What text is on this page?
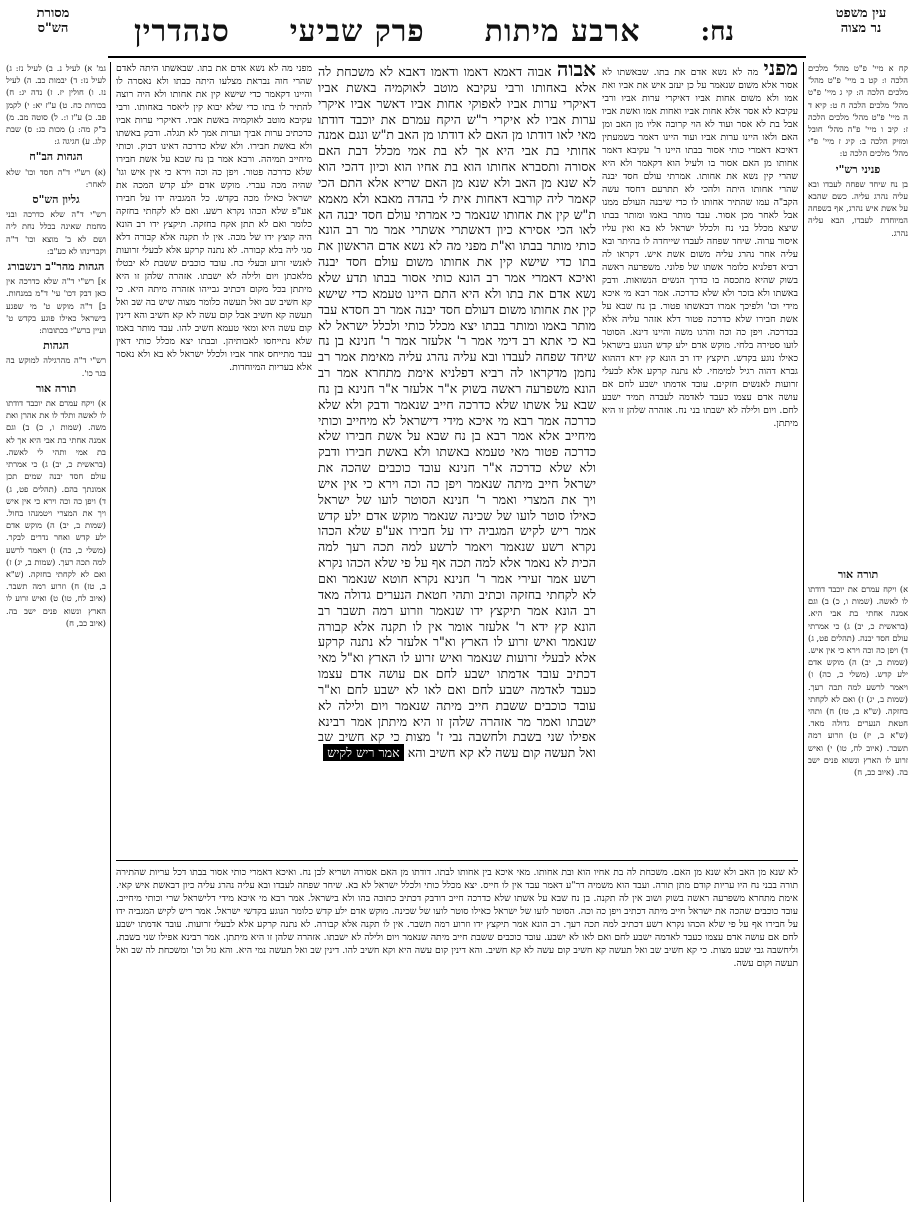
עין משפט
נר מצוה
מסורת
הש"ס	נח:
ארבע מיתות
פרק שביעי
סנהדרין
קח א מיי' פ"ט מהל' מלכים הלכה ו: קט ב מיי' פ"ט מהל' מלכים הלכה ה: קי ג מיי' פ"ט מהל' מלכים הלכה ח ט: קיא ד ה מיי' פ"ט מהל' מלכים הלכה ז: קיב ו מיי' פ"ה מהל' חובל ומזיק הלכה ב: קיג ז מיי' פ"י מהל' מלכים הלכה ט:
פניני רש"י
בן נח שיחד שפחה לעבדו ובא עליה נהרג עליה. כשם שהבא על אשת איש נהרג, אף בשפחה המיוחדת לעבדו, הבא עליה נהרג.
תורה אור
א) ויקח עמרם את יוכבד דודתו לו לאשה. (שמות ו, כ) ב) וגם אמנה אחתי בת אבי היא. (בראשית כ, יב) ג) כי אמרתי עולם חסד יבנה. (תהלים פט, ג) ד) ויפן כה וכה וירא כי אין איש. (שמות ב, יב) ה) מוקש אדם ילע קדש. (משלי כ, כה) ו) ויאמר לרשע למה תכה רעך. (שמות ב, יג) ז) ואם לא לקחתי בחזקה. (ש"א ב, טז) ח) ותהי חטאת הנערים גדולה מאד. (ש"א ב, יז) ט) וזרוע רמה תשבר. (איוב לח, טו) י) ואיש זרוע לו הארץ ונשוא פנים ישב בה. (איוב כב, ח)
גמ' א) לעיל נ. ב) לעיל נז: ג) לעיל נז: ד) יבמות כב. ה) לעיל נז. ו) חולין יז. ז) נדה יג: ח) בכורות כח. ט) ע"ז יא: י) לקמן פב. כ) ע"ז ו:. ל) סוטה מב. מ) ב"ק מה: נ) מכות כג: ס) שבת קלג. ע) חגיגה ג:
הגהות הב"ח
(א) רש"י ד"ה חסד וכו' שלא לאחר:
גליון הש"ס
רש"י ד"ה שלא כדרכה ובני מחמת שאינה בכלל נחת ליה ושם לא ב' מוצא וכו' ד"ה וקברינהו לא כע"ב:
הגהות מהר"ב רנשבורג
א] רש"י ד"ה שלא כדרכה אין כאן דבק דכו' עי' ד"מ במנחות. ב] ד"ה מוקש ט' מי שפגע בישראל כאילו פוגע בקדש ט' ועיין ברש"י בכתובות:
הגהות
רש"י ד"ה מהרגילה למוקש בה בגר כו'.
תורה אור
א) ויקח עמרם את יוכבד דודתו לו לאשה ותלד לו את אהרן ואת משה. (שמות ו, כ) ב) וגם אמנה אחתי בת אבי היא אך לא בת אמי ותהי לי לאשה. (בראשית כ, יב) ג) כי אמרתי עולם חסד יבנה שמים תכן אמונתך בהם. (תהלים פט, ג) ד) ויפן כה וכה וירא כי אין איש ויך את המצרי ויטמנהו בחול. (שמות ב, יב) ה) מוקש אדם ילע קדש ואחר נדרים לבקר. (משלי כ, כה) ו) ויאמר לרשע למה תכה רעך. (שמות ב, יג) ז) ואם לא לקחתי בחזקה. (ש"א ב, טז) ח) וזרוע רמה תשבר. (איוב לח, טו) ט) ואיש זרוע לו הארץ ונשוא פנים ישב בה. (איוב כב, ח)
מפני מה לא נשא אדם את בתו. שבאשתו לא אסור אלא משום שנאמר על כן יעזב איש את אביו ואת אמו ולא משום אחות אביו דאיקרי ערות אביו ורבי עקיבא לא אסר אלא אחות אביו ואחות אמו ואשת אביו אבל בת לא אסר ועוד לא הוי קרובה אליו מן האב ומן האם ולאו היינו ערות אביו ועוד היינו דאמר בשמעתין דאיכא דאמרי כותי אסור בבתו היינו ר' עקיבא דאמר אחותו מן האם אסור בו ולעיל הוא דקאמר ולא היא שהרי קין נשא את אחותו. אמרתי עולם חסד יבנה שהרי אחותו היתה ולהכי לא תתרעם דחסד עשה הקב"ה עמו שהתיר אחותו לו כדי שיבנה העולם ממנו אבל לאחר מכן אסור. עבד מותר באמו ומותר בבתו שיצא מכלל בני נח ולכלל ישראל לא בא ואין עליו איסור ערוה. שיחד שפחה לעבדו שייחדה לו בהיתר ובא עליה אחר נהרג עליה משום אשת איש. דקראו לה רביא דפלניא כלומר אשתו של פלוני. משפרעה ראשה בשוק שהיא מתכסה בו כדרך הנשים הנשואות. ודבק באשתו ולא בזכר ולא שלא כדרכה. אמר רבא מי איכא מידי וכו' ולפיכך אמרו דבאשתו פטור. בן נח שבא על אשת חבירו שלא כדרכה פטור דלא אזהר עליה אלא בכדרכה. ויפן כה וכה והרגו משה והיינו דינא. הסוטר לועו סטירה בלחי. מוקש אדם ילע קדש הנוגע בישראל כאילו נוגע בקדש. תיקצץ ידו רב הונא קץ ידא דההוא גברא דהוה רגיל למימחי. לא נתנה קרקע אלא לבעלי זרועות לאנשים חזקים. עובד אדמתו ישבע לחם אם עושה אדם עצמו כעבד לאדמה לעבדה תמיד ישבע לחם. ויום ולילה לא ישבתו בני נח. אזהרה שלהן זו היא מיתתן.
מפני מה לא נשא אדם את בתו. שבאשתו היתה לאדם שהרי חוה נבראת מצלעו היתה כבתו ולא נאסרה לו והיינו דקאמר כדי שישא קין את אחותו ולא היה רוצה להתיר לו בתו כדי שלא יבוא קין ליאסר באחותו. ורבי עקיבא מוטב לאוקמיה באשת אביו. דאיקרי ערות אביו כדכתיב ערות אביך וערות אמך לא תגלה. ודבק באשתו ולא באשת חבירו. ולא שלא כדרכה דאינו דבוק. וכותי מיחייב תמיהה. ורבא אמר בן נח שבא על אשת חבירו שלא כדרכה פטור. ויפן כה וכה וירא כי אין איש וגו' שהיה מכה עברי. מוקש אדם ילע קדש המכה את ישראל כאילו מכה בקדש. כל המגביה ידו על חבירו אע"פ שלא הכהו נקרא רשע. ואם לא לקחתי בחזקה כלומר ואם לא תתן אקח בחזקה. תיקצץ ידו רב הונא היה קוצץ ידו של מכה. אין לו תקנה אלא קבורה דלא סגי ליה בלא קבורה. לא נתנה קרקע אלא לבעלי זרועות לאנשי זרוע ובעלי כח. עובד כוכבים ששבת לא יבטלו מלאכתן ויום ולילה לא ישבתו. אזהרה שלהן זו היא מיתתן בכל מקום דכתיב גבייהו אזהרה מיתה היא. כי קא חשיב שב ואל תעשה כלומר מצוה שיש בה שב ואל תעשה קא חשיב אבל קום עשה לא קא חשיב והא דינין קום עשה היא ומאי טעמא חשיב להו. עבד מותר באמו שלא נתייחסו לאבותיהן. ובבתו יצא מכלל כותי דאין עבד מתייחס אחר אביו ולכלל ישראל לא בא ולא נאסר אלא בעריות המיוחדות.
אבוה אבוה דאמא דאמו ודאמו דאבא לא משכחת לה אלא באחותו ורבי עקיבא מוטב לאוקמיה באשת אביו דאיקרי ערות אביו לאפוקי אחות אביו דאשר אביו איקרי ערות אביו לא איקרי ר"ש היקח עמרם את יוכבד דודתו מאי לאו דודתו מן האם לא דודתו מן האב ת"ש ונגם אמנה אחותי בת אבי היא אך לא בת אמי מכלל דבת האם אסורה ותסברא אחותו הוא בת אחיו הוא וכיון דהכי הוא לא שנא מן האב ולא שנא מן האם שריא אלא התם הכי קאמר ליה קורבא דאחות אית לי בהדה מאבא ולא מאמא ת"ש קין את אחותו שנאמר כי אמרתי עולם חסד יבנה הא לאו הכי אסירא כיון דאשתרי אשתרי אמר מר רב הונא כותי מותר בבתו וא"ת מפני מה לא נשא אדם הראשון את בתו כדי שישא קין את אחותו משום עולם חסד יבנה ואיכא דאמרי אמר רב הונא כותי אסור בבתו תדע שלא נשא אדם את בתו ולא היא התם היינו טעמא כדי שישא קין את אחותו משום דעולם חסד יבנה אמר רב חסדא עבד מותר באמו ומותר בבתו יצא מכלל כותי ולכלל ישראל לא בא כי אתא רב דימי אמר ר' אלעזר אמר ר' חנינא בן נח שיחד שפחה לעבדו ובא עליה נהרג עליה מאימת אמר רב נחמן מדקראו לה רביא דפלניא אימת מתחרא אמר רב הונא משפרעה ראשה בשוק א"ר אלעזר א"ר חנינא בן נח שבא על אשתו שלא כדרכה חייב שנאמר ודבק ולא שלא כדרכה אמר רבא מי איכא מידי דישראל לא מיחייב וכותי מיחייב אלא אמר רבא בן נח שבא על אשת חבירו שלא כדרכה פטור מאי טעמא באשתו ולא באשת חבירו ודבק ולא שלא כדרכה א"ר חנינא עובד כוכבים שהכה את ישראל חייב מיתה שנאמר ויפן כה וכה וירא כי אין איש ויך את המצרי ואמר ר' חנינא הסוטר לועו של ישראל כאילו סוטר לועו של שכינה שנאמר מוקש אדם ילע קדש אמר ריש לקיש המגביה ידו על חבירו אע"פ שלא הכהו נקרא רשע שנאמר ויאמר לרשע למה תכה רעך למה הכית לא נאמר אלא למה תכה אף על פי שלא הכהו נקרא רשע אמר זעירי אמר ר' חנינא נקרא חוטא שנאמר ואם לא לקחתי בחזקה וכתיב ותהי חטאת הנערים גדולה מאד רב הונא אמר תיקצץ ידו שנאמר וזרוע רמה תשבר רב הונא קץ ידא ר' אלעזר אומר אין לו תקנה אלא קבורה שנאמר ואיש זרוע לו הארץ וא"ר אלעזר לא נתנה קרקע אלא לבעלי זרועות שנאמר ואיש זרוע לו הארץ וא"ל מאי דכתיב עובד אדמתו ישבע לחם אם עושה אדם עצמו כעבד לאדמה ישבע לחם ואם לאו לא ישבע לחם וא"ר עובד כוכבים ששבת חייב מיתה שנאמר ויום ולילה לא ישבתו ואמר מר אזהרה שלהן זו היא מיתתן אמר רבינא אפילו שני בשבת ולחשבה נבי ז' מצות כי קא חשיב שב ואל תעשה קום עשה לא קא חשיב והא אמר ריש לקיש
לא שנא מן האב ולא שנא מן האם. משכחת לה בת אחיו הוא ובת אחותו. מאי איכא בין אחותו לבתו. דודתו מן האם אסורה ושריא לבן נח. ואיכא דאמרי כותי אסור בבתו דכל עריות שהתירה תורה בבני נח היו עריות קודם מתן תורה. ועבד הוא משמיה דר"ע דאמר עבד אין לו חייס. יצא מכלל כותי ולכלל ישראל לא בא. שיחד שפחה לעבדו ובא עליה נהרג עליה כיון דבאשת איש קאי. אימת מתחרא משפרעה ראשה בשוק ושוב אין לה תקנה. בן נח שבא על אשתו שלא כדרכה חייב דודבק דכתיב כתובה בהו ולא בישראל. אמר רבא מי איכא מידי דלישראל שרי וכותי מיחייב. עובד כוכבים שהכה את ישראל חייב מיתה דכתיב ויפן כה וכה. הסוטר לועו של ישראל כאילו סוטר לועו של שכינה. מוקש אדם ילע קדש כלומר הנוגע בקדשי ישראל. אמר ריש לקיש המגביה ידו על חבירו אף על פי שלא הכהו נקרא רשע דכתיב למה תכה רעך. רב הונא אמר תיקצץ ידו וזרוע רמה תשבר. אין לו תקנה אלא קבורה. לא נתנה קרקע אלא לבעלי זרועות. עובד אדמתו ישבע לחם אם עושה אדם עצמו כעבד לאדמה ישבע לחם ואם לאו לא ישבע. עובד כוכבים ששבת חייב מיתה שנאמר ויום ולילה לא ישבתו. אזהרה שלהן זו היא מיתתן. אמר רבינא אפילו שני בשבת. וליחשבה גבי שבע מצות. כי קא חשיב שב ואל תעשה קא חשיב קום עשה לא קא חשיב. והא דינין קום עשה היא וקא חשיב להו. דינין שב ואל תעשה נמי היא. והא גזל וכו' ומשכחת לה שב ואל תעשה וקום עשה.
